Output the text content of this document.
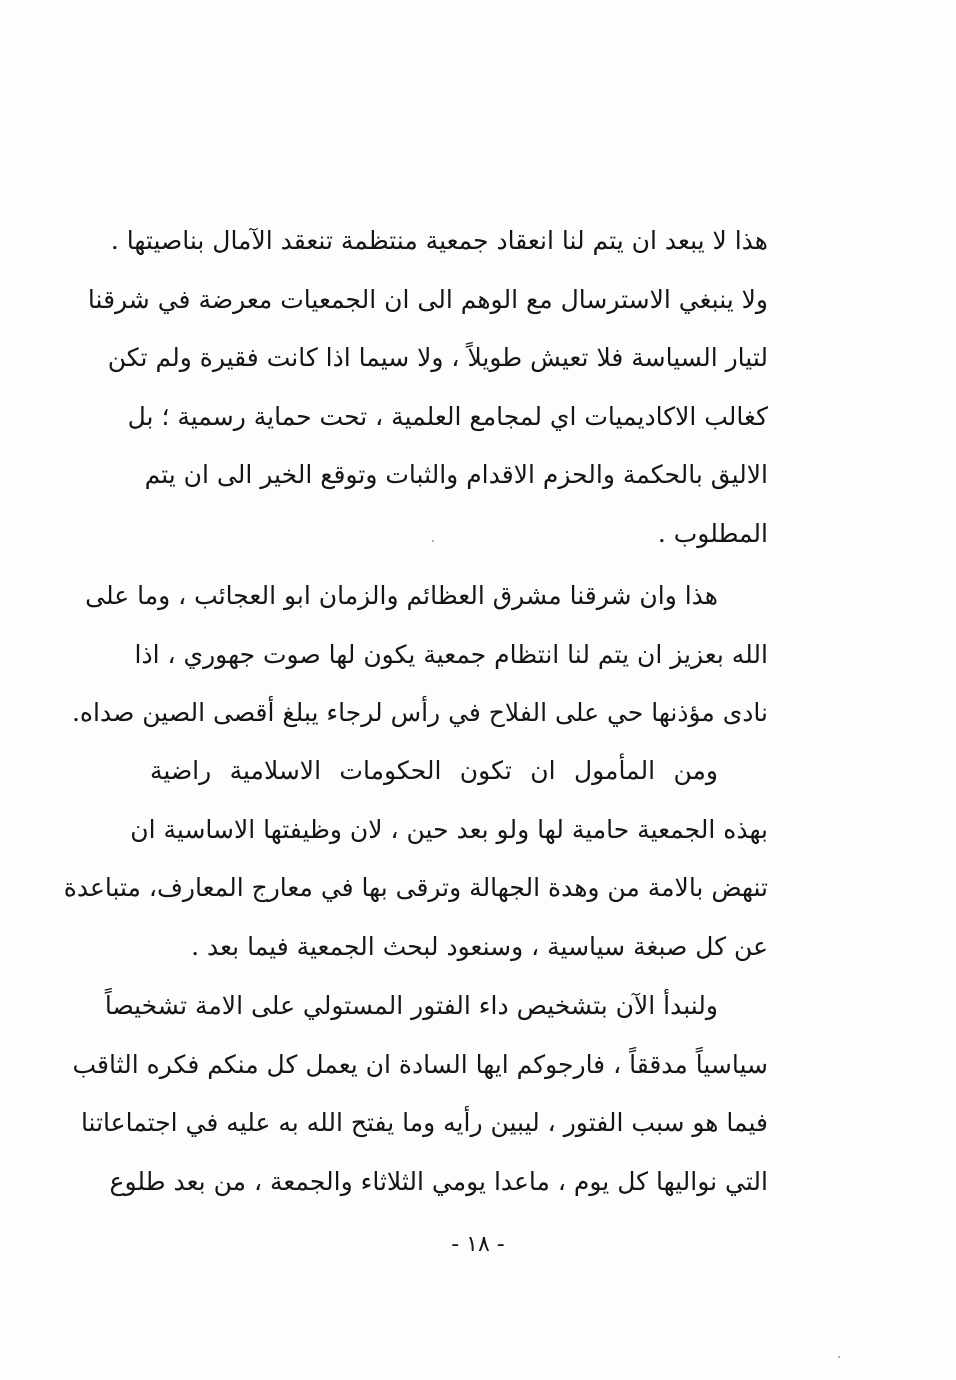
هذا لا يبعد ان يتم لنا انعقاد جمعية منتظمة تنعقد الآمال بناصيتها .
ولا ينبغي الاسترسال مع الوهم الى ان الجمعيات معرضة في شرقنا
لتيار السياسة فلا تعيش طويلاً ، ولا سيما اذا كانت فقيرة ولم تكن
كغالب الاكاديميات اي لمجامع العلمية ، تحت حماية رسمية ؛ بل
الاليق بالحكمة والحزم الاقدام والثبات وتوقع الخير الى ان يتم
المطلوب .
هذا وان شرقنا مشرق العظائم والزمان ابو العجائب ، وما على
الله بعزيز ان يتم لنا انتظام جمعية يكون لها صوت جهوري ، اذا
نادى مؤذنها حي على الفلاح في رأس لرجاء يبلغ أقصى الصين صداه.
ومن المأمول ان تكون الحكومات الاسلامية راضية
بهذه الجمعية حامية لها ولو بعد حين ، لان وظيفتها الاساسية ان
تنهض بالامة من وهدة الجهالة وترقى بها في معارج المعارف، متباعدة
عن كل صبغة سياسية ، وسنعود لبحث الجمعية فيما بعد .
ولنبدأ الآن بتشخيص داء الفتور المستولي على الامة تشخيصاً
سياسياً مدققاً ، فارجوكم ايها السادة ان يعمل كل منكم فكره الثاقب
فيما هو سبب الفتور ، ليبين رأيه وما يفتح الله به عليه في اجتماعاتنا
التي نواليها كل يوم ، ماعدا يومي الثلاثاء والجمعة ، من بعد طلوع
- ١٨ -
